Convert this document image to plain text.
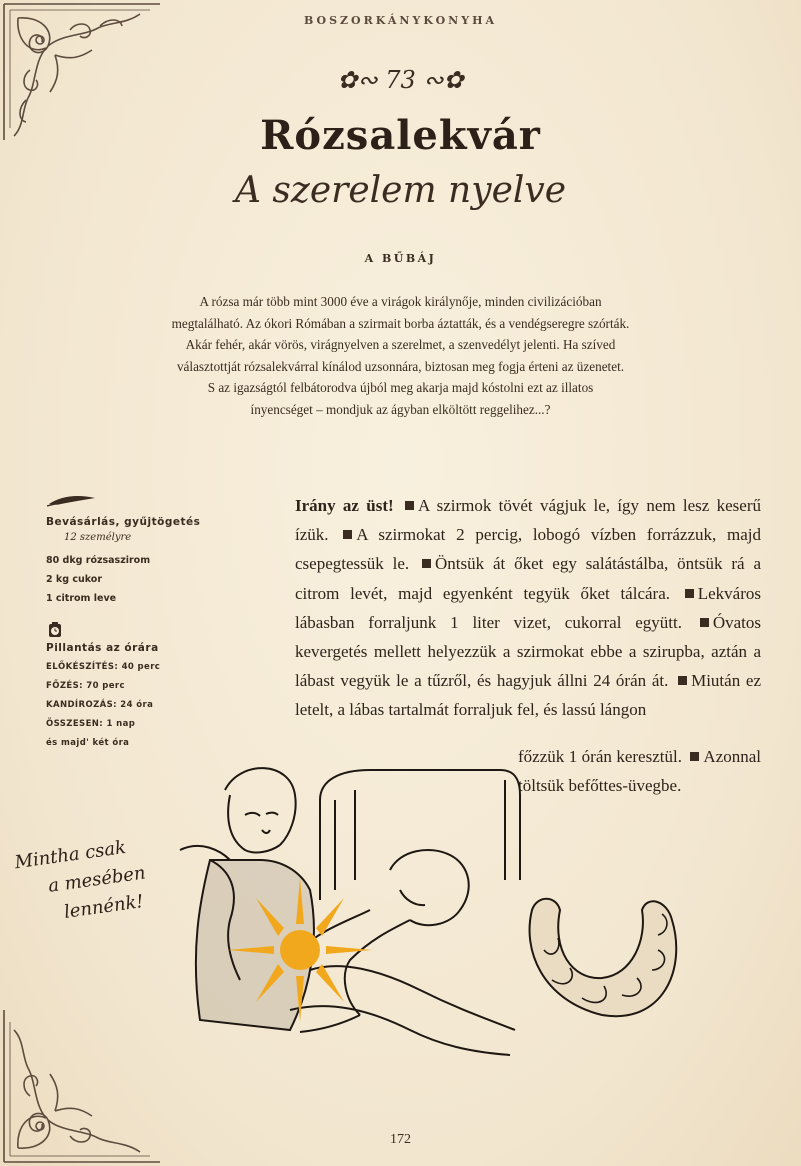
BOSZORKÁNYKONYHA
✿∾ 73 ∾✿
Rózsalekvár
A szerelem nyelve
A BŰBÁJ
A rózsa már több mint 3000 éve a virágok királynője, minden civilizációban
megtalálható. Az ókori Rómában a szirmait borba áztatták, és a vendégseregre szórták.
Akár fehér, akár vörös, virágnyelven a szerelmet, a szenvedélyt jelenti. Ha szíved
választottját rózsalekvárral kínálod uzsonnára, biztosan meg fogja érteni az üzenetet.
S az igazságtól felbátorodva újból meg akarja majd kóstolni ezt az illatos
ínyencséget – mondjuk az ágyban elköltött reggelihez...?
Bevásárlás, gyűjtögetés
12 személyre
80 dkg rózsaszirom
2 kg cukor
1 citrom leve
Pillantás az órára
ELŐKÉSZÍTÉS: 40 perc
FŐZÉS: 70 perc
KANDÍROZÁS: 24 óra
ÖSSZESEN: 1 nap
és majd' két óra
Irány az üst! A szirmok tövét vágjuk le, így nem lesz keserű ízük. A szirmokat 2 percig, lobogó vízben forrázzuk, majd csepegtessük le. Öntsük át őket egy salátástálba, öntsük rá a citrom levét, majd egyenként tegyük őket tálcára. Lekváros lábasban forraljunk 1 liter vizet, cukorral együtt. Óvatos kevergetés mellett helyezzük a szirmokat ebbe a szirupba, aztán a lábast vegyük le a tűzről, és hagyjuk állni 24 órán át. Miután ez letelt, a lábas tartalmát forraljuk fel, és lassú lángon
főzzük 1 órán keresztül. Azonnal töltsük befőttes-üvegbe.
Mintha csak
a mesében
lennénk!
172
